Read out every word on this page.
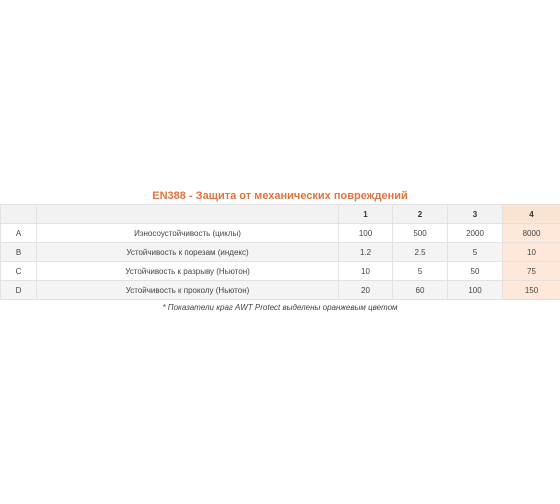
EN388 - Защита от механических повреждений
		1	2	3	4
A	Износоустойчивость (циклы)	100	500	2000	8000
B	Устойчивость к порезам (индекс)	1.2	2.5	5	10
C	Устойчивость к разрыву (Ньютон)	10	5	50	75
D	Устойчивость к проколу (Ньютон)	20	60	100	150
* Показатели краг AWT Protect выделены оранжевым цветом
